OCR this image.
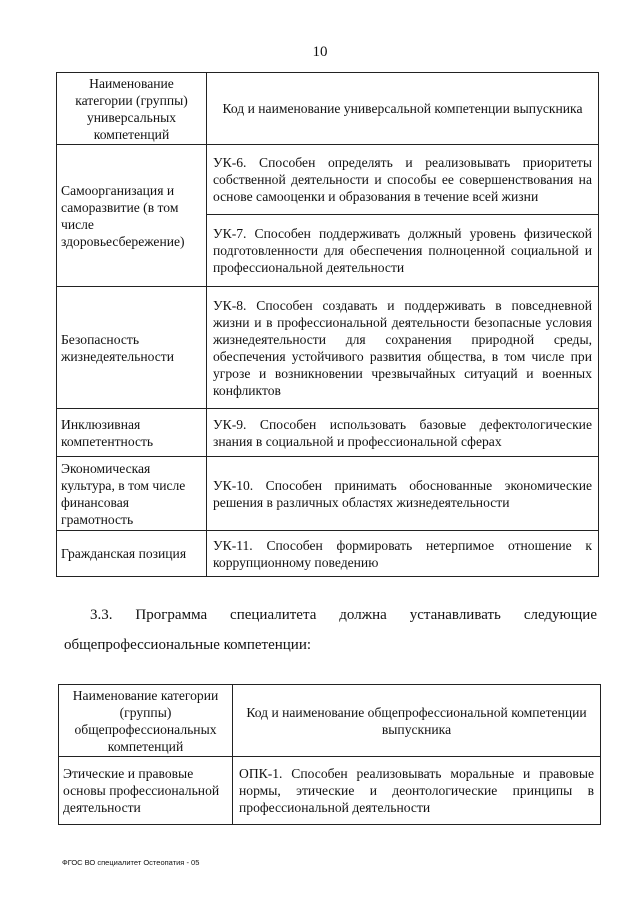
10
Наименование категории (группы) универсальных компетенций	Код и наименование универсальной компетенции выпускника
Самоорганизация и саморазвитие (в том числе здоровьесбережение)	УК-6. Способен определять и реализовывать приоритеты собственной деятельности и способы ее совершенствования на основе самооценки и образования в течение всей жизни
	УК-7. Способен поддерживать должный уровень физической подготовленности для обеспечения полноценной социальной и профессиональной деятельности
Безопасность жизнедеятельности	УК-8. Способен создавать и поддерживать в повседневной жизни и в профессиональной деятельности безопасные условия жизнедеятельности для сохранения природной среды, обеспечения устойчивого развития общества, в том числе при угрозе и возникновении чрезвычайных ситуаций и военных конфликтов
Инклюзивная компетентность	УК-9. Способен использовать базовые дефектологические знания в социальной и профессиональной сферах
Экономическая культура, в том числе финансовая грамотность	УК-10. Способен принимать обоснованные экономические решения в различных областях жизнедеятельности
Гражданская позиция	УК-11. Способен формировать нетерпимое отношение к коррупционному поведению
3.3. Программа специалитета должна устанавливать следующие общепрофессиональные компетенции:
Наименование категории (группы) общепрофессиональных компетенций	Код и наименование общепрофессиональной компетенции выпускника
Этические и правовые основы профессиональной деятельности	ОПК-1. Способен реализовывать моральные и правовые нормы, этические и деонтологические принципы в профессиональной деятельности
ФГОС ВО специалитет Остеопатия - 05
